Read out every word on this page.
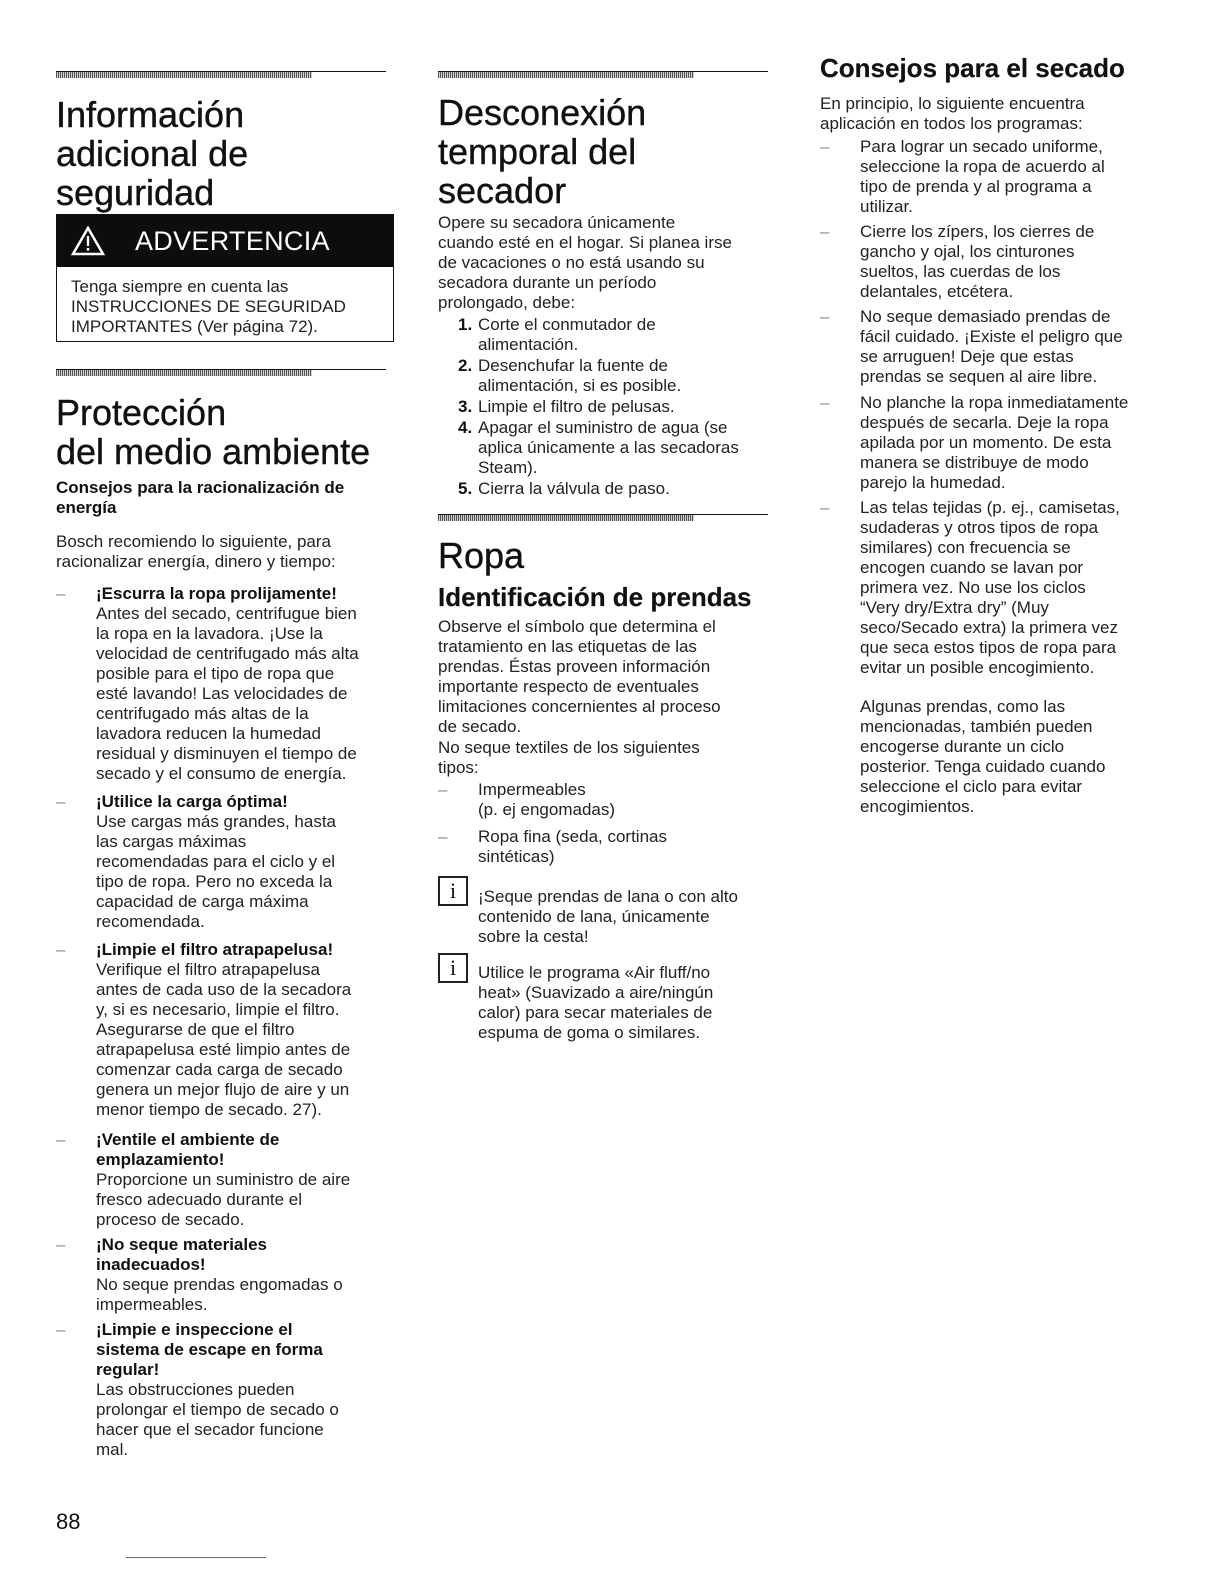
Información
adicional de
seguridad
ADVERTENCIA
Tenga siempre en cuenta las
INSTRUCCIONES DE SEGURIDAD
IMPORTANTES (Ver página 72).
Protección
del medio ambiente
Consejos para la racionalización de
energía
Bosch recomiendo lo siguiente, para
racionalizar energía, dinero y tiempo:
– ¡Escurra la ropa prolijamente!
Antes del secado, centrifugue bien
la ropa en la lavadora. ¡Use la
velocidad de centrifugado más alta
posible para el tipo de ropa que
esté lavando! Las velocidades de
centrifugado más altas de la
lavadora reducen la humedad
residual y disminuyen el tiempo de
secado y el consumo de energía.
– ¡Utilice la carga óptima!
Use cargas más grandes, hasta
las cargas máximas
recomendadas para el ciclo y el
tipo de ropa. Pero no exceda la
capacidad de carga máxima
recomendada.
– ¡Limpie el filtro atrapapelusa!
Verifique el filtro atrapapelusa
antes de cada uso de la secadora
y, si es necesario, limpie el filtro.
Asegurarse de que el filtro
atrapapelusa esté limpio antes de
comenzar cada carga de secado
genera un mejor flujo de aire y un
menor tiempo de secado. 27).
– ¡Ventile el ambiente de
emplazamiento!
Proporcione un suministro de aire
fresco adecuado durante el
proceso de secado.
– ¡No seque materiales
inadecuados!
No seque prendas engomadas o
impermeables.
– ¡Limpie e inspeccione el
sistema de escape en forma
regular!
Las obstrucciones pueden
prolongar el tiempo de secado o
hacer que el secador funcione
mal.
Desconexión
temporal del
secador
Opere su secadora únicamente
cuando esté en el hogar. Si planea irse
de vacaciones o no está usando su
secadora durante un período
prolongado, debe:
1. Corte el conmutador de
alimentación.
2. Desenchufar la fuente de
alimentación, si es posible.
3. Limpie el filtro de pelusas.
4. Apagar el suministro de agua (se
aplica únicamente a las secadoras
Steam).
5. Cierra la válvula de paso.
Ropa
Identificación de prendas
Observe el símbolo que determina el
tratamiento en las etiquetas de las
prendas. Éstas proveen información
importante respecto de eventuales
limitaciones concernientes al proceso
de secado.
No seque textiles de los siguientes
tipos:
– Impermeables
(p. ej engomadas)
– Ropa fina (seda, cortinas
sintéticas)
i	¡Seque prendas de lana o con alto
contenido de lana, únicamente
sobre la cesta!
i	Utilice le programa «Air fluff/no
heat» (Suavizado a aire/ningún
calor) para secar materiales de
espuma de goma o similares.
Consejos para el secado
En principio, lo siguiente encuentra
aplicación en todos los programas:
– Para lograr un secado uniforme,
seleccione la ropa de acuerdo al
tipo de prenda y al programa a
utilizar.
– Cierre los zípers, los cierres de
gancho y ojal, los cinturones
sueltos, las cuerdas de los
delantales, etcétera.
– No seque demasiado prendas de
fácil cuidado. ¡Existe el peligro que
se arruguen! Deje que estas
prendas se sequen al aire libre.
– No planche la ropa inmediatamente
después de secarla. Deje la ropa
apilada por un momento. De esta
manera se distribuye de modo
parejo la humedad.
– Las telas tejidas (p. ej., camisetas,
sudaderas y otros tipos de ropa
similares) con frecuencia se
encogen cuando se lavan por
primera vez. No use los ciclos
“Very dry/Extra dry” (Muy
seco/Secado extra) la primera vez
que seca estos tipos de ropa para
evitar un posible encogimiento.
Algunas prendas, como las
mencionadas, también pueden
encogerse durante un ciclo
posterior. Tenga cuidado cuando
seleccione el ciclo para evitar
encogimientos.
88
